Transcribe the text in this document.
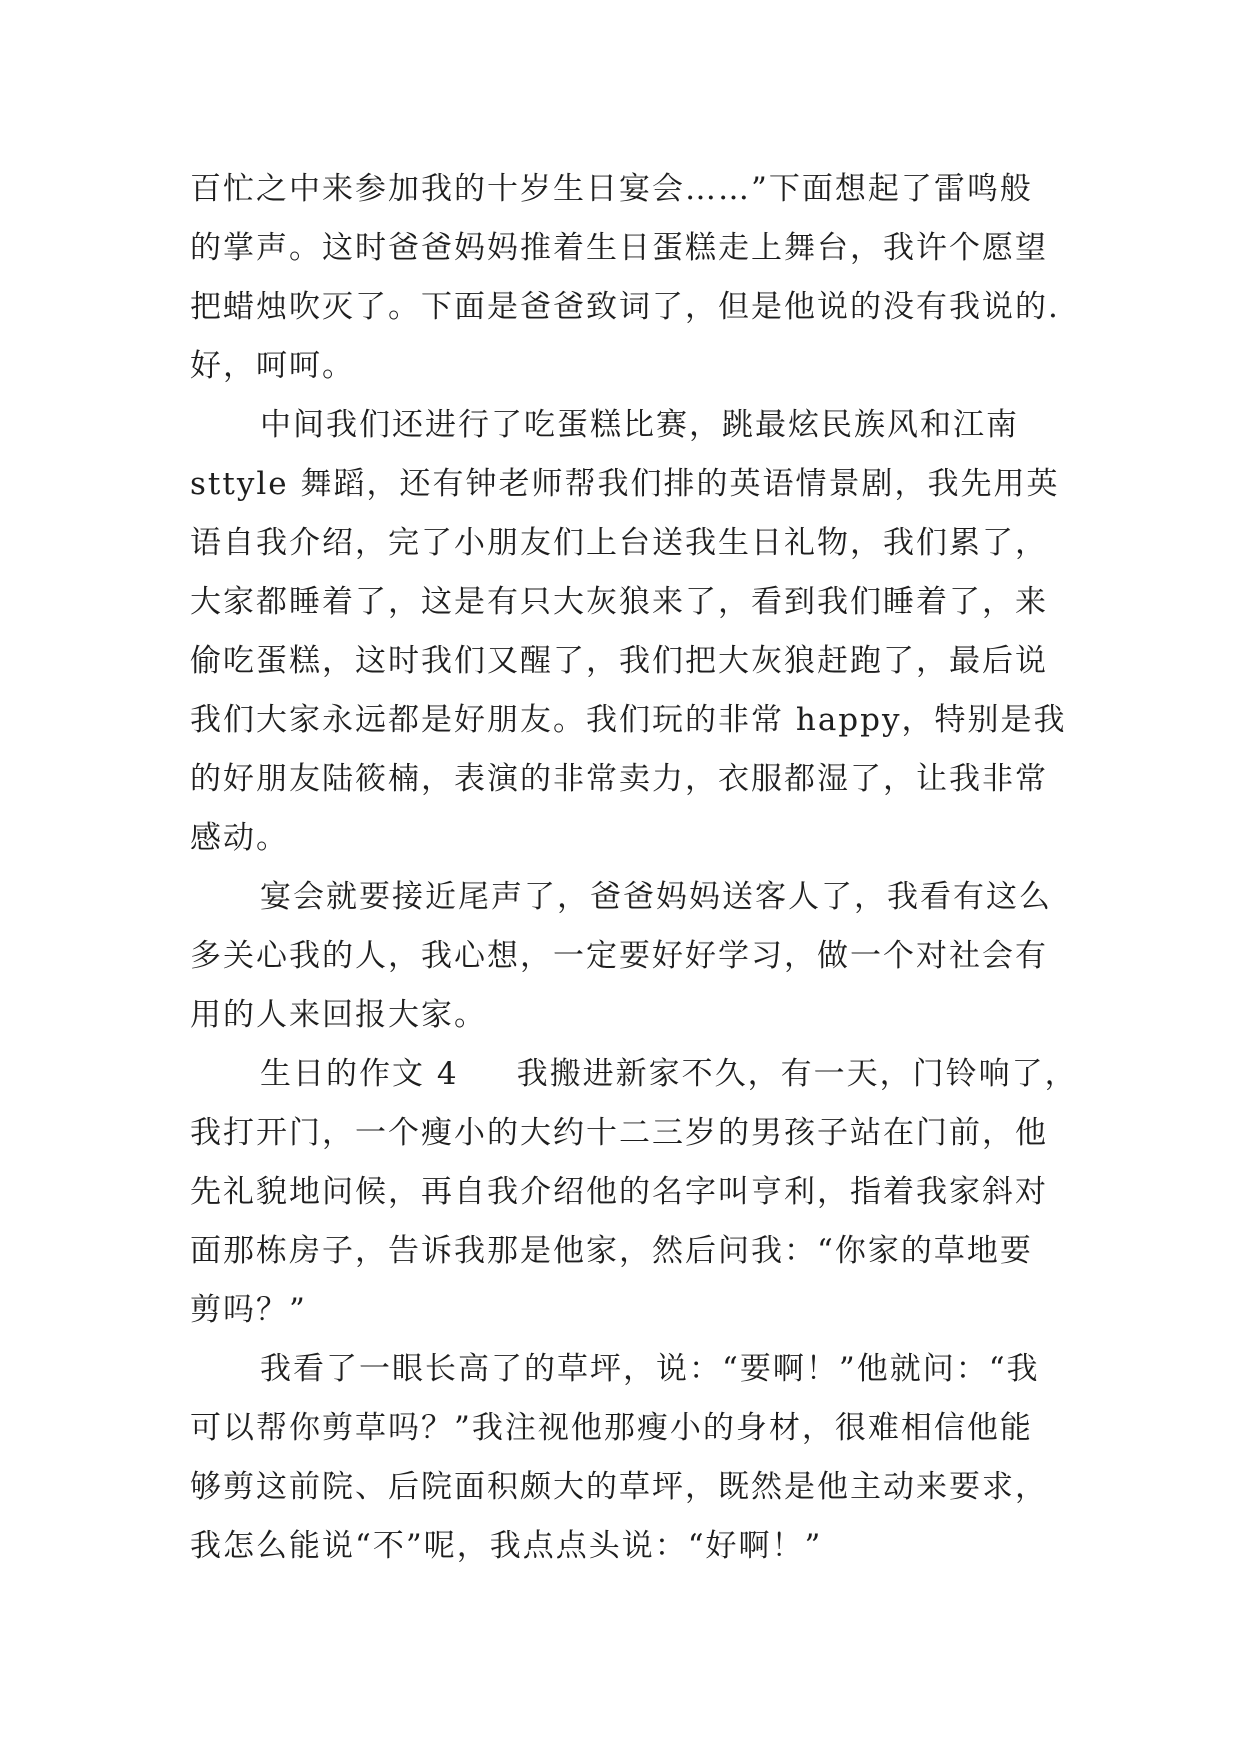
百忙之中来参加我的十岁生日宴会……”下面想起了雷鸣般
的掌声。这时爸爸妈妈推着生日蛋糕走上舞台，我许个愿望
把蜡烛吹灭了。下面是爸爸致词了，但是他说的没有我说的.
好，呵呵。
中间我们还进行了吃蛋糕比赛，跳最炫民族风和江南
sttyle 舞蹈，还有钟老师帮我们排的英语情景剧，我先用英
语自我介绍，完了小朋友们上台送我生日礼物，我们累了，
大家都睡着了，这是有只大灰狼来了，看到我们睡着了，来
偷吃蛋糕，这时我们又醒了，我们把大灰狼赶跑了，最后说
我们大家永远都是好朋友。我们玩的非常 happy，特别是我
的好朋友陆筱楠，表演的非常卖力，衣服都湿了，让我非常
感动。
宴会就要接近尾声了，爸爸妈妈送客人了，我看有这么
多关心我的人，我心想，一定要好好学习，做一个对社会有
用的人来回报大家。
生日的作文 4 我搬进新家不久，有一天，门铃响了，
我打开门，一个瘦小的大约十二三岁的男孩子站在门前，他
先礼貌地问候，再自我介绍他的名字叫亨利，指着我家斜对
面那栋房子，告诉我那是他家，然后问我：“你家的草地要
剪吗？”
我看了一眼长高了的草坪，说：“要啊！”他就问：“我
可以帮你剪草吗？”我注视他那瘦小的身材，很难相信他能
够剪这前院、后院面积颇大的草坪，既然是他主动来要求，
我怎么能说“不”呢，我点点头说：“好啊！”
